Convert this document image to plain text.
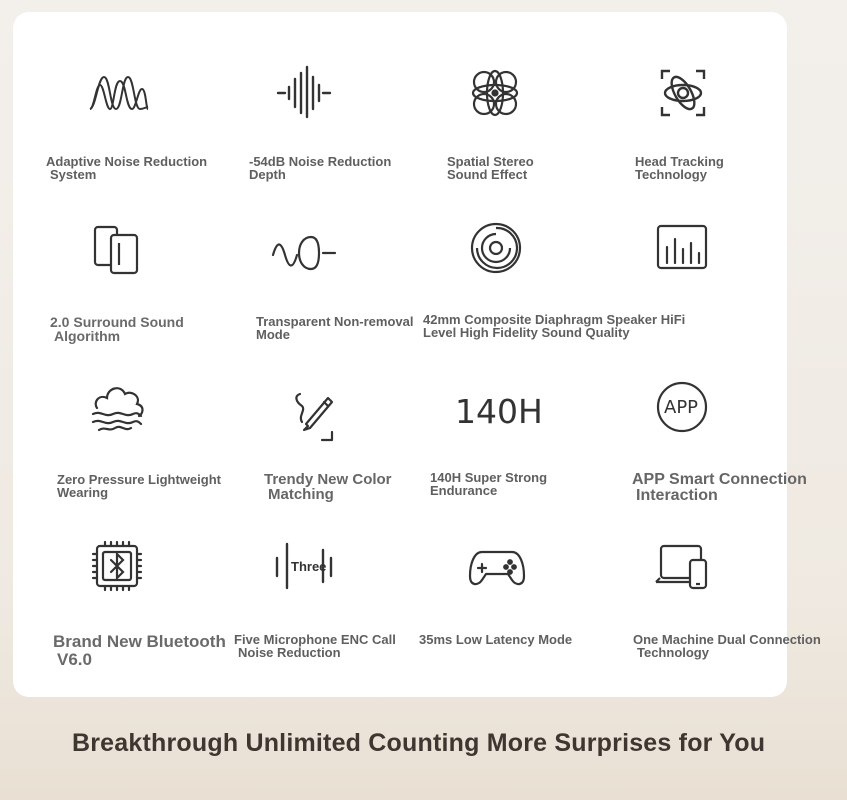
Adaptive Noise Reduction
System
-54dB Noise Reduction
Depth
Spatial Stereo
Sound Effect
Head Tracking
Technology
2.0 Surround Sound
Algorithm
Transparent Non-removal
Mode
42mm Composite Diaphragm Speaker HiFi
Level High Fidelity Sound Quality
Zero Pressure Lightweight
Wearing
Trendy New Color
Matching
140H
140H Super Strong
Endurance
APP
APP Smart Connection
Interaction
Brand New Bluetooth
V6.0
Three
Five Microphone ENC Call
Noise Reduction
35ms Low Latency Mode	One Machine Dual Connection
Technology
Breakthrough Unlimited Counting More Surprises for You
